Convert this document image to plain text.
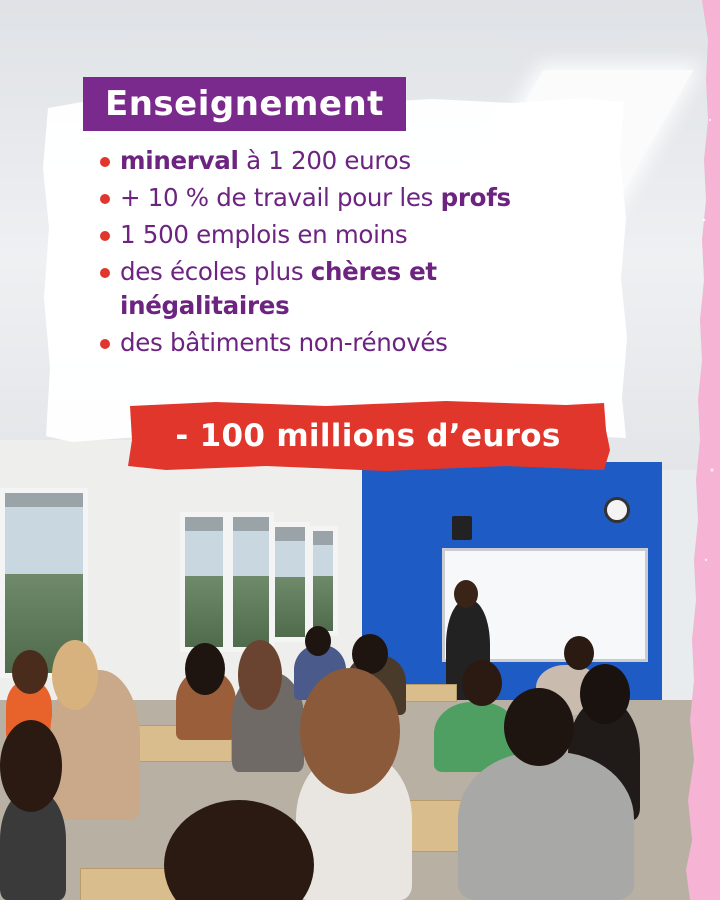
Enseignement
minerval à 1 200 euros
+ 10 % de travail pour les profs
1 500 emplois en moins
des écoles plus chères et inégalitaires
des bâtiments non-rénovés
- 100 millions d’euros
